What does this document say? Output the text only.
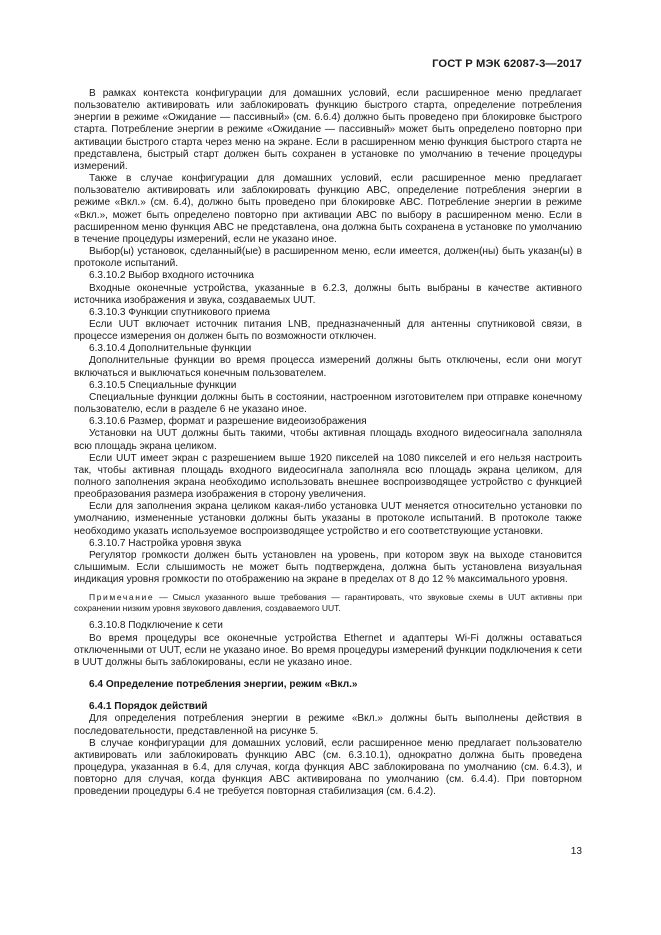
ГОСТ Р МЭК 62087-3—2017

В рамках контекста конфигурации для домашних условий, если расширенное меню предлагает пользователю активировать или заблокировать функцию быстрого старта, определение потребления энергии в режиме «Ожидание — пассивный» (см. 6.6.4) должно быть проведено при блокировке быстрого старта. Потребление энергии в режиме «Ожидание — пассивный» может быть определено повторно при активации быстрого старта через меню на экране. Если в расширенном меню функция быстрого старта не представлена, быстрый старт должен быть сохранен в установке по умолчанию в течение процедуры измерений.

Также в случае конфигурации для домашних условий, если расширенное меню предлагает пользователю активировать или заблокировать функцию ABC, определение потребления энергии в режиме «Вкл.» (см. 6.4), должно быть проведено при блокировке ABC. Потребление энергии в режиме «Вкл.», может быть определено повторно при активации ABC по выбору в расширенном меню. Если в расширенном меню функция ABC не представлена, она должна быть сохранена в установке по умолчанию в течение процедуры измерений, если не указано иное.

Выбор(ы) установок, сделанный(ые) в расширенном меню, если имеется, должен(ны) быть указан(ы) в протоколе испытаний.

6.3.10.2 Выбор входного источника

Входные оконечные устройства, указанные в 6.2.3, должны быть выбраны в качестве активного источника изображения и звука, создаваемых UUT.

6.3.10.3 Функции спутникового приема

Если UUT включает источник питания LNB, предназначенный для антенны спутниковой связи, в процессе измерения он должен быть по возможности отключен.

6.3.10.4 Дополнительные функции

Дополнительные функции во время процесса измерений должны быть отключены, если они могут включаться и выключаться конечным пользователем.

6.3.10.5 Специальные функции

Специальные функции должны быть в состоянии, настроенном изготовителем при отправке конечному пользователю, если в разделе 6 не указано иное.

6.3.10.6 Размер, формат и разрешение видеоизображения

Установки на UUT должны быть такими, чтобы активная площадь входного видеосигнала заполняла всю площадь экрана целиком.

Если UUT имеет экран с разрешением выше 1920 пикселей на 1080 пикселей и его нельзя настроить так, чтобы активная площадь входного видеосигнала заполняла всю площадь экрана целиком, для полного заполнения экрана необходимо использовать внешнее воспроизводящее устройство с функцией преобразования размера изображения в сторону увеличения.

Если для заполнения экрана целиком какая-либо установка UUT меняется относительно установки по умолчанию, измененные установки должны быть указаны в протоколе испытаний. В протоколе также необходимо указать используемое воспроизводящее устройство и его соответствующие установки.

6.3.10.7 Настройка уровня звука

Регулятор громкости должен быть установлен на уровень, при котором звук на выходе становится слышимым. Если слышимость не может быть подтверждена, должна быть установлена визуальная индикация уровня громкости по отображению на экране в пределах от 8 до 12 % максимального уровня.

Примечание — Смысл указанного выше требования — гарантировать, что звуковые схемы в UUT активны при сохранении низким уровня звукового давления, создаваемого UUT.

6.3.10.8 Подключение к сети

Во время процедуры все оконечные устройства Ethernet и адаптеры Wi-Fi должны оставаться отключенными от UUT, если не указано иное. Во время процедуры измерений функции подключения к сети в UUT должны быть заблокированы, если не указано иное.

6.4 Определение потребления энергии, режим «Вкл.»

6.4.1 Порядок действий

Для определения потребления энергии в режиме «Вкл.» должны быть выполнены действия в последовательности, представленной на рисунке 5.

В случае конфигурации для домашних условий, если расширенное меню предлагает пользователю активировать или заблокировать функцию ABC (см. 6.3.10.1), однократно должна быть проведена процедура, указанная в 6.4, для случая, когда функция ABC заблокирована по умолчанию (см. 6.4.3), и повторно для случая, когда функция ABC активирована по умолчанию (см. 6.4.4). При повторном проведении процедуры 6.4 не требуется повторная стабилизация (см. 6.4.2).

13
